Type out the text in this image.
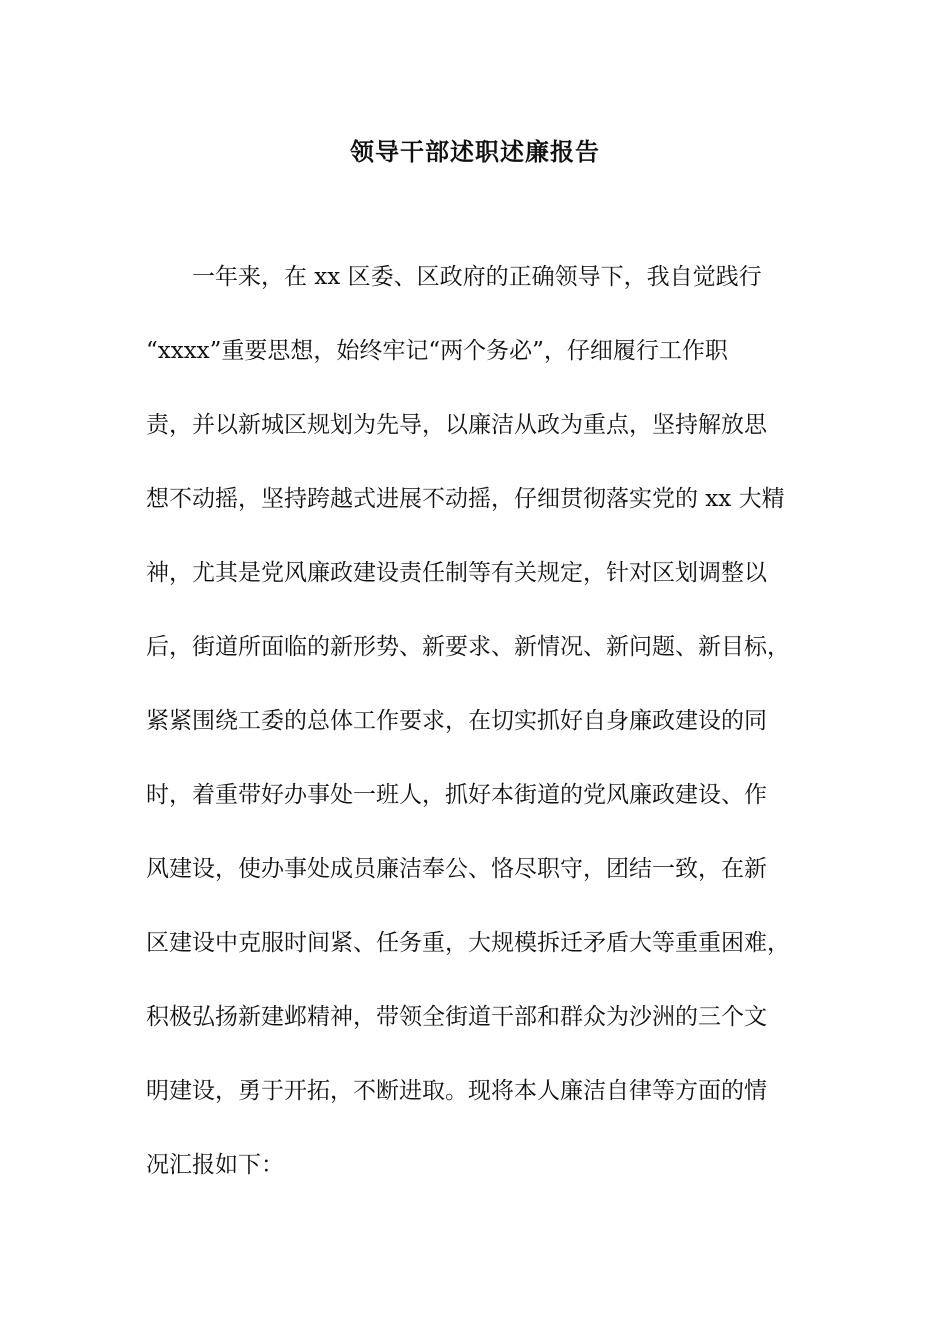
领导干部述职述廉报告
一年来，在 xx 区委、区政府的正确领导下，我自觉践行
“xxxx”重要思想，始终牢记“两个务必”，仔细履行工作职
责，并以新城区规划为先导，以廉洁从政为重点，坚持解放思
想不动摇，坚持跨越式进展不动摇，仔细贯彻落实党的 xx 大精
神，尤其是党风廉政建设责任制等有关规定，针对区划调整以
后，街道所面临的新形势、新要求、新情况、新问题、新目标，
紧紧围绕工委的总体工作要求，在切实抓好自身廉政建设的同
时，着重带好办事处一班人，抓好本街道的党风廉政建设、作
风建设，使办事处成员廉洁奉公、恪尽职守，团结一致，在新
区建设中克服时间紧、任务重，大规模拆迁矛盾大等重重困难，
积极弘扬新建邺精神，带领全街道干部和群众为沙洲的三个文
明建设，勇于开拓，不断进取。现将本人廉洁自律等方面的情
况汇报如下：
